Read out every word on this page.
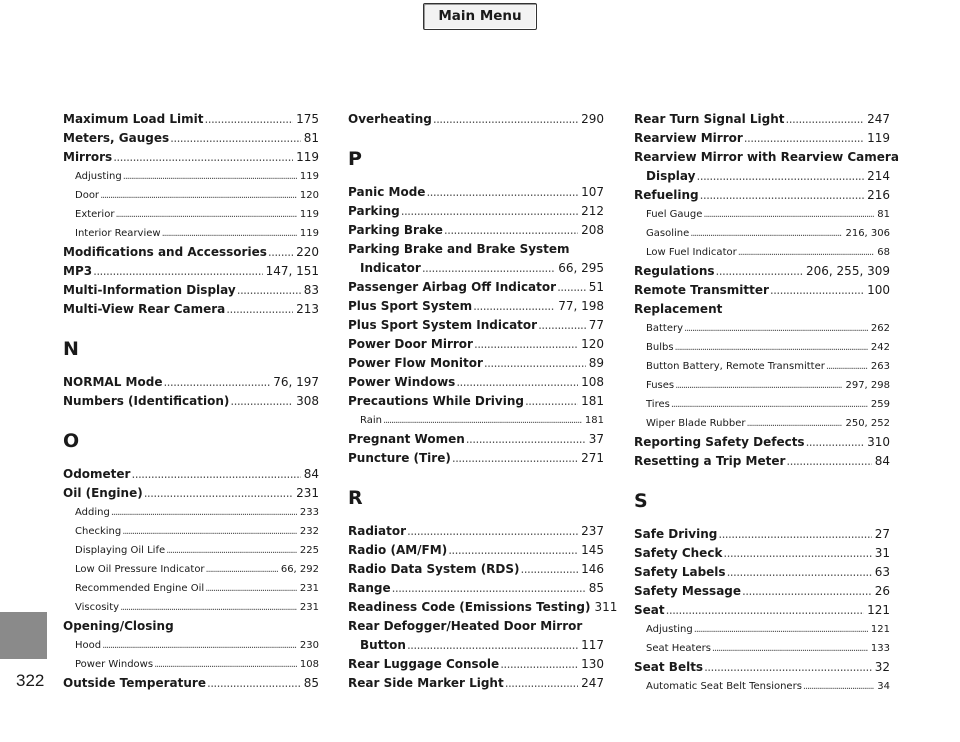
Main Menu
322
Maximum Load Limit . . .	175
Meters, Gauges . . .	81
Mirrors . . .	119
Adjusting . . .	119
Door . . .	120
Exterior . . .	119
Interior Rearview . . .	119
Modifications and Accessories . . . 220
MP3 . . .	147, 151
Multi-Information Display . . .	83
Multi-View Rear Camera . . .	213
N
NORMAL Mode . . .	76, 197
Numbers (Identification) . . .	308
O
Odometer . . .	84
Oil (Engine) . . .	231
Adding . . .	233
Checking . . .	232
Displaying Oil Life . . .	225
Low Oil Pressure Indicator . . .	66, 292
Recommended Engine Oil . . .	231
Viscosity . . .	231
Opening/Closing
Hood . . .	230
Power Windows . . .	108
Outside Temperature . . .	85
Overheating . . .	290
P
Panic Mode . . .	107
Parking . . .	212
Parking Brake . . .	208
Parking Brake and Brake System
Indicator . . .	66, 295
Passenger Airbag Off Indicator . . .	51
Plus Sport System . . .	77, 198
Plus Sport System Indicator . . .	77
Power Door Mirror . . .	120
Power Flow Monitor . . .	89
Power Windows . . .	108
Precautions While Driving . . .	181
Rain . . .	181
Pregnant Women . . .	37
Puncture (Tire) . . .	271
R
Radiator . . .	237
Radio (AM/FM) . . .	145
Radio Data System (RDS) . . .	146
Range . . .	85
Readiness Code (Emissions Testing) 311
Rear Defogger/Heated Door Mirror
Button . . .	117
Rear Luggage Console . . .	130
Rear Side Marker Light . . .	247
Rear Turn Signal Light . . .	247
Rearview Mirror . . .	119
Rearview Mirror with Rearview Camera
Display . . .	214
Refueling . . .	216
Fuel Gauge . . .	81
Gasoline . . .	216, 306
Low Fuel Indicator . . .	68
Regulations . . .	206, 255, 309
Remote Transmitter . . .	100
Replacement
Battery . . .	262
Bulbs . . .	242
Button Battery, Remote Transmitter . . .	263
Fuses . . .	297, 298
Tires . . .	259
Wiper Blade Rubber . . .	250, 252
Reporting Safety Defects . . .	310
Resetting a Trip Meter . . .	84
S
Safe Driving . . .	27
Safety Check . . .	31
Safety Labels . . .	63
Safety Message . . .	26
Seat . . .	121
Adjusting . . .	121
Seat Heaters . . .	133
Seat Belts . . .	32
Automatic Seat Belt Tensioners . . .	34
